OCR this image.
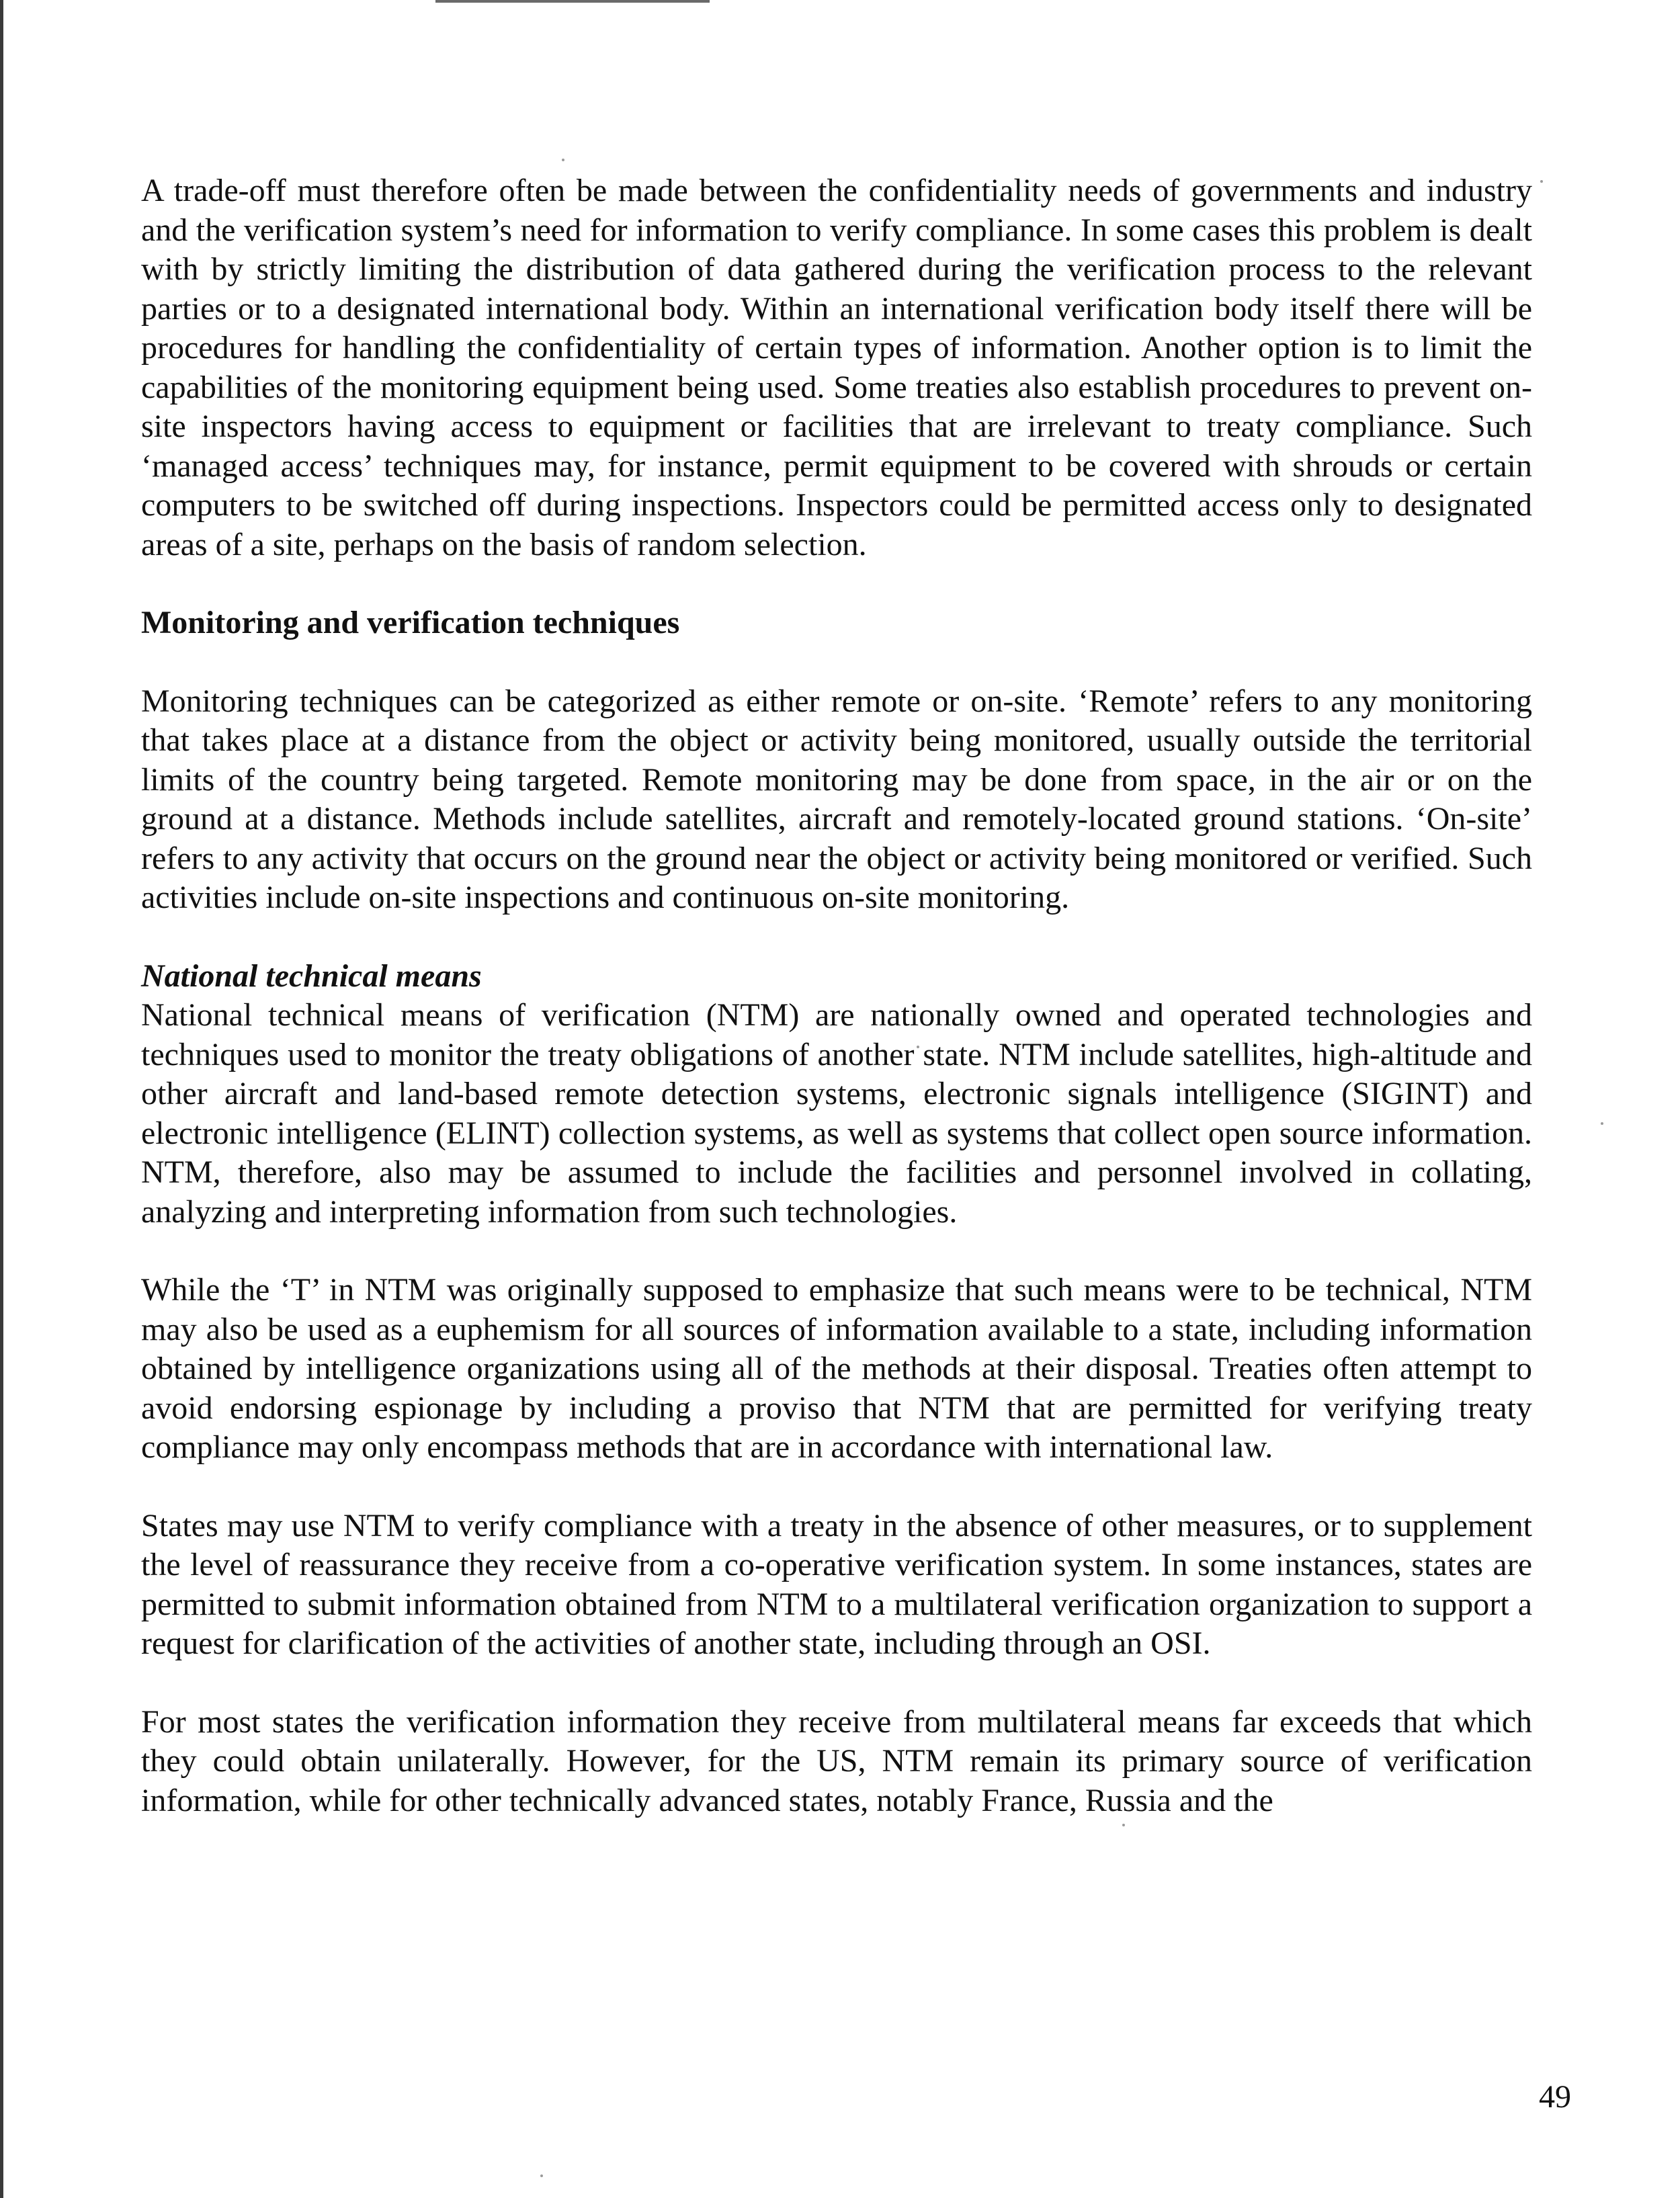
A trade-off must therefore often be made between the confidentiality needs of governments and industry and the verification system’s need for information to verify compliance. In some cases this problem is dealt with by strictly limiting the distribution of data gathered during the verification process to the relevant parties or to a designated international body. Within an international verification body itself there will be procedures for handling the confidentiality of certain types of information. Another option is to limit the capabilities of the monitoring equipment being used. Some treaties also establish procedures to prevent on-site inspectors having access to equipment or facilities that are irrelevant to treaty compliance. Such ‘managed access’ techniques may, for instance, permit equipment to be covered with shrouds or certain computers to be switched off during inspections. Inspectors could be permitted access only to designated areas of a site, perhaps on the basis of random selection.

Monitoring and verification techniques

Monitoring techniques can be categorized as either remote or on-site. ‘Remote’ refers to any monitoring that takes place at a distance from the object or activity being monitored, usually outside the territorial limits of the country being targeted. Remote monitoring may be done from space, in the air or on the ground at a distance. Methods include satellites, aircraft and remotely-located ground stations. ‘On-site’ refers to any activity that occurs on the ground near the object or activity being monitored or verified. Such activities include on-site inspections and continuous on-site monitoring.

National technical means

National technical means of verification (NTM) are nationally owned and operated technologies and techniques used to monitor the treaty obligations of another state. NTM include satellites, high-altitude and other aircraft and land-based remote detection systems, electronic signals intelligence (SIGINT) and electronic intelligence (ELINT) collection systems, as well as systems that collect open source information. NTM, therefore, also may be assumed to include the facilities and personnel involved in collating, analyzing and interpreting information from such technologies.

While the ‘T’ in NTM was originally supposed to emphasize that such means were to be technical, NTM may also be used as a euphemism for all sources of information available to a state, including information obtained by intelligence organizations using all of the methods at their disposal. Treaties often attempt to avoid endorsing espionage by including a proviso that NTM that are permitted for verifying treaty compliance may only encompass methods that are in accordance with international law.

States may use NTM to verify compliance with a treaty in the absence of other measures, or to supplement the level of reassurance they receive from a co-operative verification system. In some instances, states are permitted to submit information obtained from NTM to a multilateral verification organization to support a request for clarification of the activities of another state, including through an OSI.

For most states the verification information they receive from multilateral means far exceeds that which they could obtain unilaterally. However, for the US, NTM remain its primary source of verification information, while for other technically advanced states, notably France, Russia and the

49
